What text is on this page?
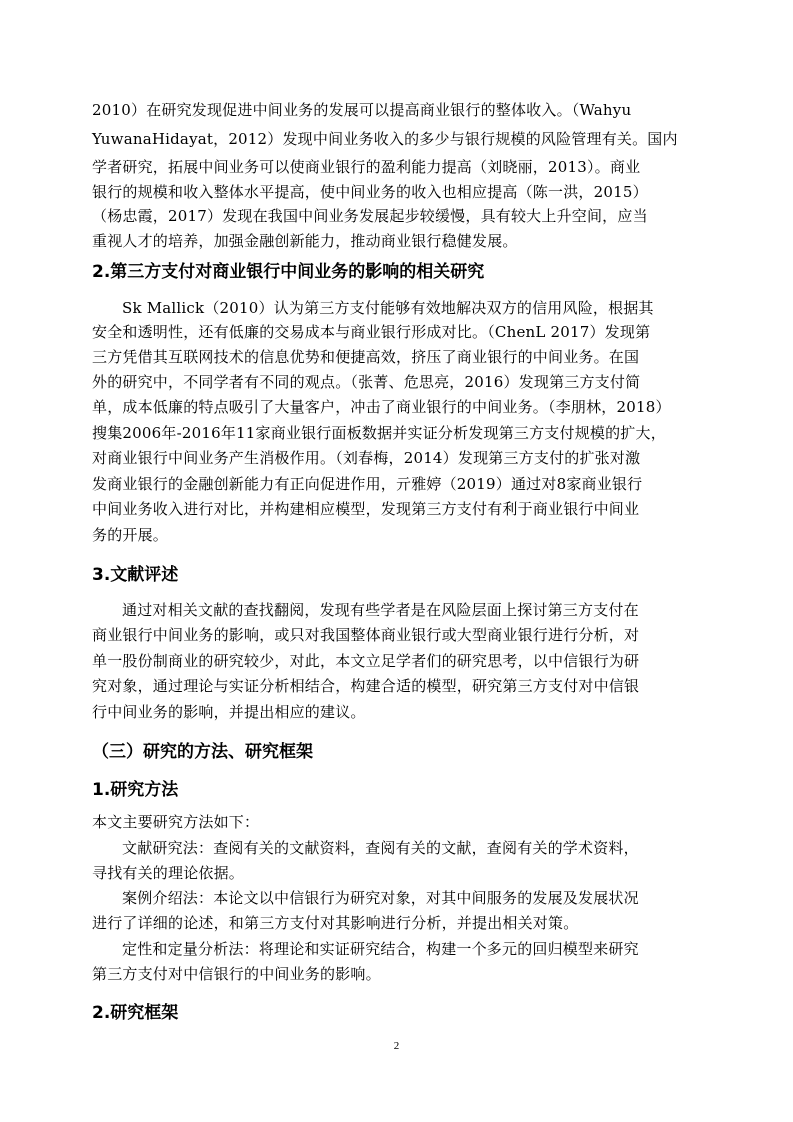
2010）在研究发现促进中间业务的发展可以提高商业银行的整体收入。（Wahyu
YuwanaHidayat，2012）发现中间业务收入的多少与银行规模的风险管理有关。国内
学者研究，拓展中间业务可以使商业银行的盈利能力提高（刘晓丽，2013）。商业
银行的规模和收入整体水平提高，使中间业务的收入也相应提高（陈一洪，2015）
（杨忠霞，2017）发现在我国中间业务发展起步较缓慢，具有较大上升空间，应当
重视人才的培养，加强金融创新能力，推动商业银行稳健发展。
2.第三方支付对商业银行中间业务的影响的相关研究
Sk Mallick（2010）认为第三方支付能够有效地解决双方的信用风险，根据其
安全和透明性，还有低廉的交易成本与商业银行形成对比。（ChenL 2017）发现第
三方凭借其互联网技术的信息优势和便捷高效，挤压了商业银行的中间业务。在国
外的研究中，不同学者有不同的观点。（张菁、危思亮，2016）发现第三方支付简
单，成本低廉的特点吸引了大量客户，冲击了商业银行的中间业务。（李朋林，2018）
搜集2006年-2016年11家商业银行面板数据并实证分析发现第三方支付规模的扩大，
对商业银行中间业务产生消极作用。（刘春梅，2014）发现第三方支付的扩张对激
发商业银行的金融创新能力有正向促进作用，亓雅婷（2019）通过对8家商业银行
中间业务收入进行对比，并构建相应模型，发现第三方支付有利于商业银行中间业
务的开展。
3.文献评述
通过对相关文献的查找翻阅，发现有些学者是在风险层面上探讨第三方支付在
商业银行中间业务的影响，或只对我国整体商业银行或大型商业银行进行分析，对
单一股份制商业的研究较少，对此，本文立足学者们的研究思考，以中信银行为研
究对象，通过理论与实证分析相结合，构建合适的模型，研究第三方支付对中信银
行中间业务的影响，并提出相应的建议。
（三）研究的方法、研究框架
1.研究方法
本文主要研究方法如下：
文献研究法：查阅有关的文献资料，查阅有关的文献，查阅有关的学术资料，
寻找有关的理论依据。
案例介绍法：本论文以中信银行为研究对象，对其中间服务的发展及发展状况
进行了详细的论述，和第三方支付对其影响进行分析，并提出相关对策。
定性和定量分析法：将理论和实证研究结合，构建一个多元的回归模型来研究
第三方支付对中信银行的中间业务的影响。
2.研究框架
2
